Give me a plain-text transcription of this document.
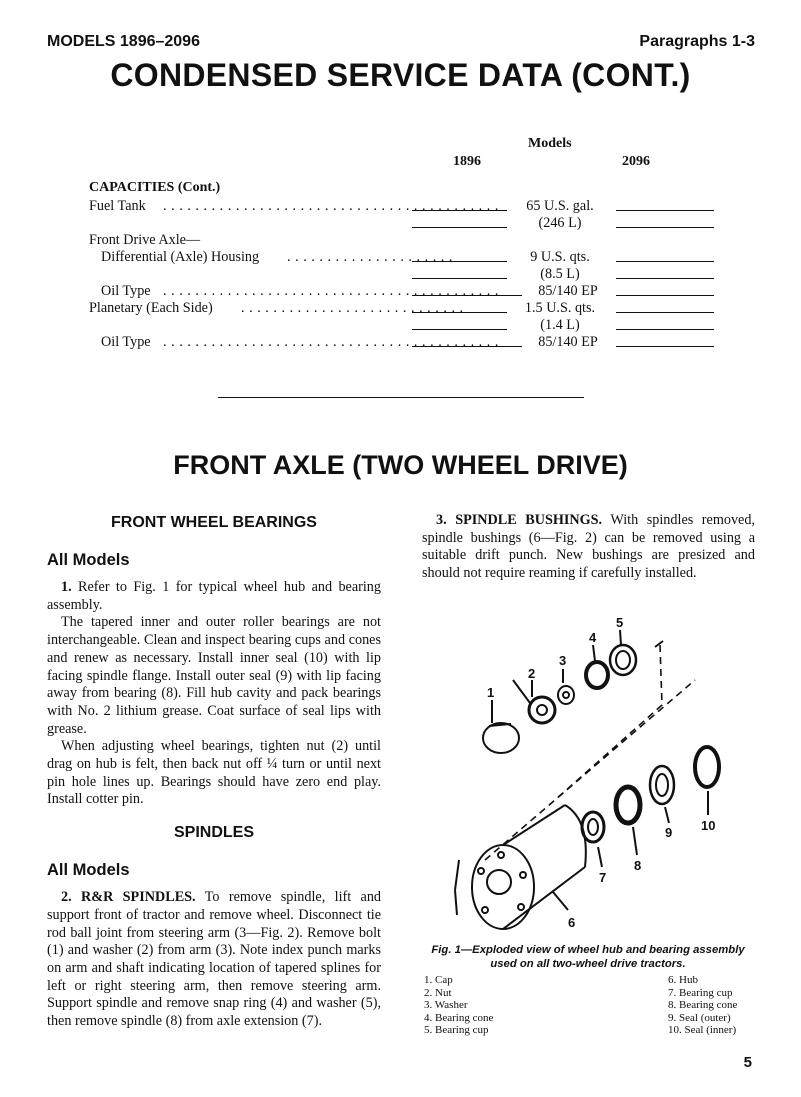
MODELS 1896–2096	Paragraphs 1-3
CONDENSED SERVICE DATA (CONT.)
Models
1896	2096
CAPACITIES (Cont.)
Fuel Tank . . . . . . . . . . . . . . . . . . . . . . . . . . . . . . . . . . . . . . . . . .	65 U.S. gal.
(246 L)
Front Drive Axle—
Differential (Axle) Housing . . . . . . . . . . . . . . . . . . . . .	9 U.S. qts.
(8.5 L)
Oil Type . . . . . . . . . . . . . . . . . . . . . . . . . . . . . . . . . . . . . . . . . .	85/140 EP
Planetary (Each Side) . . . . . . . . . . . . . . . . . . . . . . . . . . . .	1.5 U.S. qts.
(1.4 L)
Oil Type . . . . . . . . . . . . . . . . . . . . . . . . . . . . . . . . . . . . . . . . . .	85/140 EP
FRONT AXLE (TWO WHEEL DRIVE)

FRONT WHEEL BEARINGS

All Models

1. Refer to Fig. 1 for typical wheel hub and bearing assembly.

The tapered inner and outer roller bearings are not interchangeable. Clean and inspect bearing cups and cones and renew as necessary. Install inner seal (10) with lip facing spindle flange. Install outer seal (9) with lip facing away from bearing (8). Fill hub cavity and pack bearings with No. 2 lithium grease. Coat surface of seal lips with grease.

When adjusting wheel bearings, tighten nut (2) until drag on hub is felt, then back nut off ¼ turn or until next pin hole lines up. Bearings should have zero end play. Install cotter pin.

SPINDLES

All Models

2. R&R SPINDLES. To remove spindle, lift and support front of tractor and remove wheel. Disconnect tie rod ball joint from steering arm (3—Fig. 2). Remove bolt (1) and washer (2) from arm (3). Note index punch marks on arm and shaft indicating location of tapered splines for left or right steering arm, then remove steering arm. Support spindle and remove snap ring (4) and washer (5), then remove spindle (8) from axle extension (7).

3. SPINDLE BUSHINGS. With spindles removed, spindle bushings (6—Fig. 2) can be removed using a suitable drift punch. New bushings are presized and should not require reaming if carefully installed.

1
2
3
4
5
6
7
8
9 10
Fig. 1—Exploded view of wheel hub and bearing assembly
used on all two-wheel drive tractors.
1. Cap
2. Nut
3. Washer
4. Bearing cone
5. Bearing cup
6. Hub
7. Bearing cup
8. Bearing cone
9. Seal (outer)
10. Seal (inner)
5
